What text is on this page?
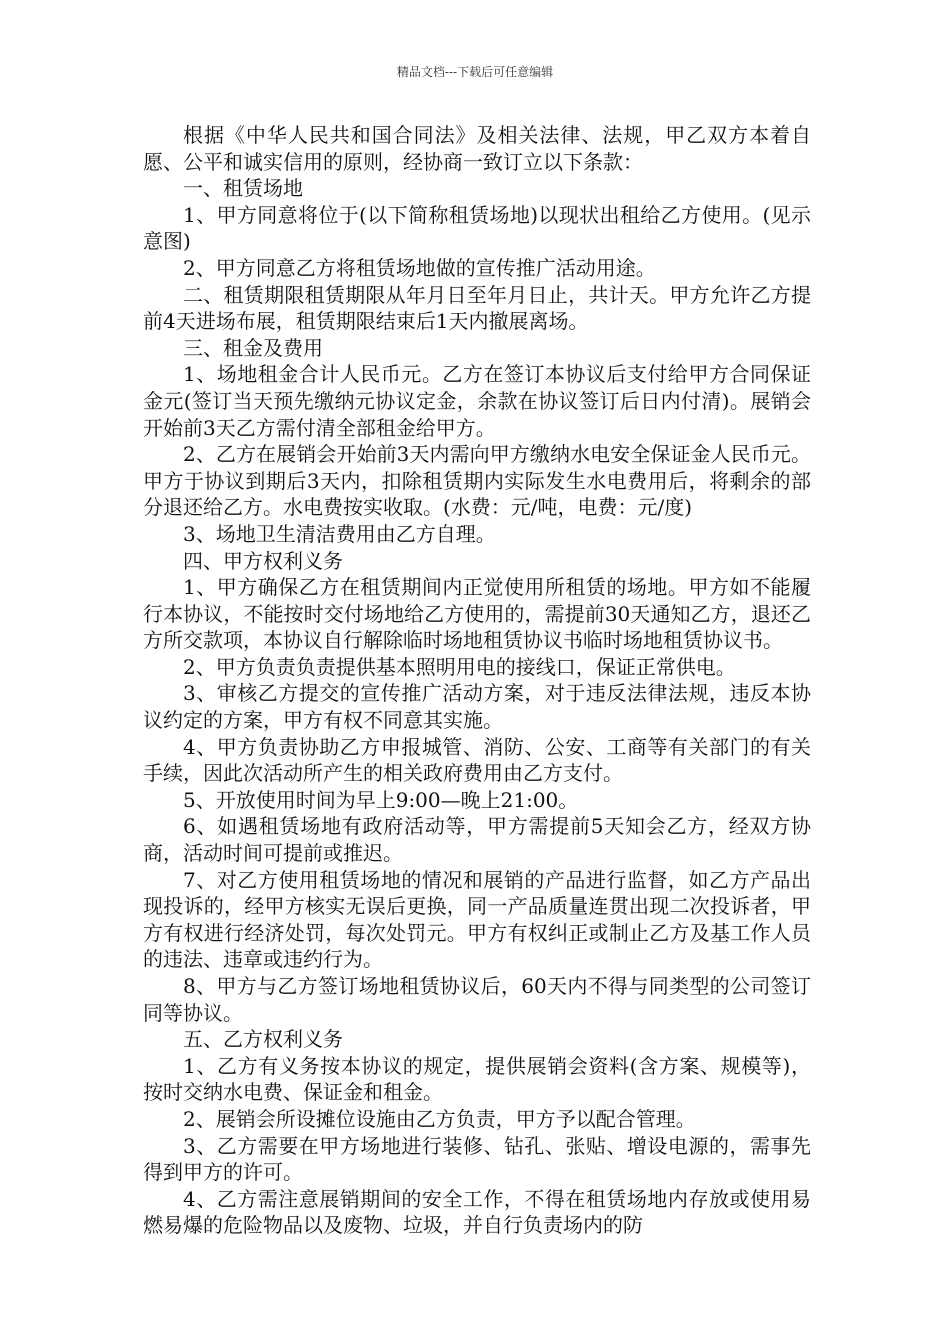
精品文档---下载后可任意编辑

根据《中华人民共和国合同法》及相关法律、法规，甲乙双方本着自愿、公平和诚实信用的原则，经协商一致订立以下条款：

一、租赁场地

1、甲方同意将位于(以下简称租赁场地)以现状出租给乙方使用。(见示意图)

2、甲方同意乙方将租赁场地做的宣传推广活动用途。

二、租赁期限租赁期限从年月日至年月日止，共计天。甲方允许乙方提前4天进场布展，租赁期限结束后1天内撤展离场。

三、租金及费用

1、场地租金合计人民币元。乙方在签订本协议后支付给甲方合同保证金元(签订当天预先缴纳元协议定金，余款在协议签订后日内付清)。展销会开始前3天乙方需付清全部租金给甲方。

2、乙方在展销会开始前3天内需向甲方缴纳水电安全保证金人民币元。甲方于协议到期后3天内，扣除租赁期内实际发生水电费用后，将剩余的部分退还给乙方。水电费按实收取。(水费：元/吨，电费：元/度)

3、场地卫生清洁费用由乙方自理。

四、甲方权利义务

1、甲方确保乙方在租赁期间内正觉使用所租赁的场地。甲方如不能履行本协议，不能按时交付场地给乙方使用的，需提前30天通知乙方，退还乙方所交款项，本协议自行解除临时场地租赁协议书临时场地租赁协议书。

2、甲方负责负责提供基本照明用电的接线口，保证正常供电。

3、审核乙方提交的宣传推广活动方案，对于违反法律法规，违反本协议约定的方案，甲方有权不同意其实施。

4、甲方负责协助乙方申报城管、消防、公安、工商等有关部门的有关手续，因此次活动所产生的相关政府费用由乙方支付。

5、开放使用时间为早上9:00—晚上21:00。

6、如遇租赁场地有政府活动等，甲方需提前5天知会乙方，经双方协商，活动时间可提前或推迟。

7、对乙方使用租赁场地的情况和展销的产品进行监督，如乙方产品出现投诉的，经甲方核实无误后更换，同一产品质量连贯出现二次投诉者，甲方有权进行经济处罚，每次处罚元。甲方有权纠正或制止乙方及基工作人员的违法、违章或违约行为。

8、甲方与乙方签订场地租赁协议后，60天内不得与同类型的公司签订同等协议。

五、乙方权利义务

1、乙方有义务按本协议的规定，提供展销会资料(含方案、规模等)，按时交纳水电费、保证金和租金。

2、展销会所设摊位设施由乙方负责，甲方予以配合管理。

3、乙方需要在甲方场地进行装修、钻孔、张贴、增设电源的，需事先得到甲方的许可。

4、乙方需注意展销期间的安全工作，不得在租赁场地内存放或使用易燃易爆的危险物品以及废物、垃圾，并自行负责场内的防
